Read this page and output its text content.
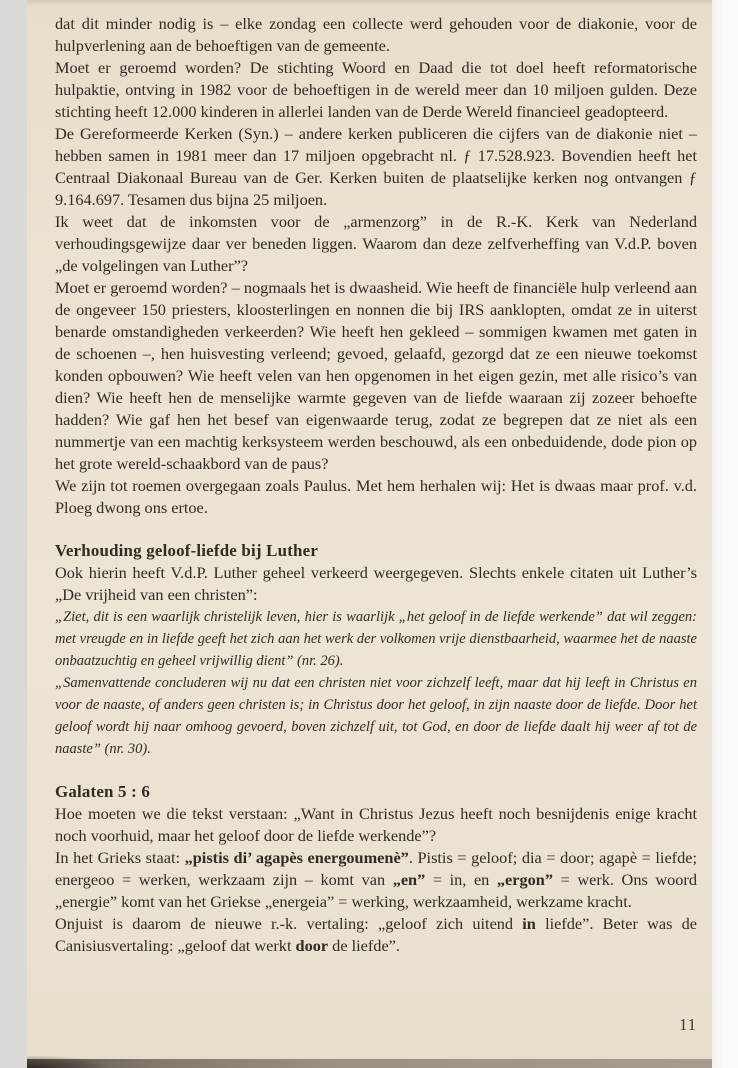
dat dit minder nodig is – elke zondag een collecte werd gehouden voor de diakonie, voor de hulpverlening aan de behoeftigen van de gemeente.
Moet er geroemd worden? De stichting Woord en Daad die tot doel heeft reformatorische hulpaktie, ontving in 1982 voor de behoeftigen in de wereld meer dan 10 miljoen gulden. Deze stichting heeft 12.000 kinderen in allerlei landen van de Derde Wereld financieel geadopteerd.
De Gereformeerde Kerken (Syn.) – andere kerken publiceren die cijfers van de diakonie niet – hebben samen in 1981 meer dan 17 miljoen opgebracht nl. ƒ 17.528.923. Bovendien heeft het Centraal Diakonaal Bureau van de Ger. Kerken buiten de plaatselijke kerken nog ontvangen ƒ 9.164.697. Tesamen dus bijna 25 miljoen.
Ik weet dat de inkomsten voor de „armenzorg” in de R.-K. Kerk van Nederland verhoudingsgewijze daar ver beneden liggen. Waarom dan deze zelfverheffing van V.d.P. boven „de volgelingen van Luther”?
Moet er geroemd worden? – nogmaals het is dwaasheid. Wie heeft de financiële hulp verleend aan de ongeveer 150 priesters, kloosterlingen en nonnen die bij IRS aanklopten, omdat ze in uiterst benarde omstandigheden verkeerden? Wie heeft hen gekleed – sommigen kwamen met gaten in de schoenen –, hen huisvesting verleend; gevoed, gelaafd, gezorgd dat ze een nieuwe toekomst konden opbouwen? Wie heeft velen van hen opgenomen in het eigen gezin, met alle risico’s van dien? Wie heeft hen de menselijke warmte gegeven van de liefde waaraan zij zozeer behoefte hadden? Wie gaf hen het besef van eigenwaarde terug, zodat ze begrepen dat ze niet als een nummertje van een machtig kerksysteem werden beschouwd, als een onbeduidende, dode pion op het grote wereld-schaakbord van de paus?
We zijn tot roemen overgegaan zoals Paulus. Met hem herhalen wij: Het is dwaas maar prof. v.d. Ploeg dwong ons ertoe.
Verhouding geloof-liefde bij Luther
Ook hierin heeft V.d.P. Luther geheel verkeerd weergegeven. Slechts enkele citaten uit Luther’s „De vrijheid van een christen”:
„Ziet, dit is een waarlijk christelijk leven, hier is waarlijk „het geloof in de liefde werkende” dat wil zeggen: met vreugde en in liefde geeft het zich aan het werk der volkomen vrije dienstbaarheid, waarmee het de naaste onbaatzuchtig en geheel vrijwillig dient” (nr. 26).
„Samenvattende concluderen wij nu dat een christen niet voor zichzelf leeft, maar dat hij leeft in Christus en voor de naaste, of anders geen christen is; in Christus door het geloof, in zijn naaste door de liefde. Door het geloof wordt hij naar omhoog gevoerd, boven zichzelf uit, tot God, en door de liefde daalt hij weer af tot de naaste” (nr. 30).
Galaten 5 : 6
Hoe moeten we die tekst verstaan: „Want in Christus Jezus heeft noch besnijdenis enige kracht noch voorhuid, maar het geloof door de liefde werkende”?
In het Grieks staat: „pistis di’ agapès energoumenè”. Pistis = geloof; dia = door; agapè = liefde; energeoo = werken, werkzaam zijn – komt van „en” = in, en „ergon” = werk. Ons woord „energie” komt van het Griekse „energeia” = werking, werkzaamheid, werkzame kracht.
Onjuist is daarom de nieuwe r.-k. vertaling: „geloof zich uitend in liefde”. Beter was de Canisiusvertaling: „geloof dat werkt door de liefde”.
11
